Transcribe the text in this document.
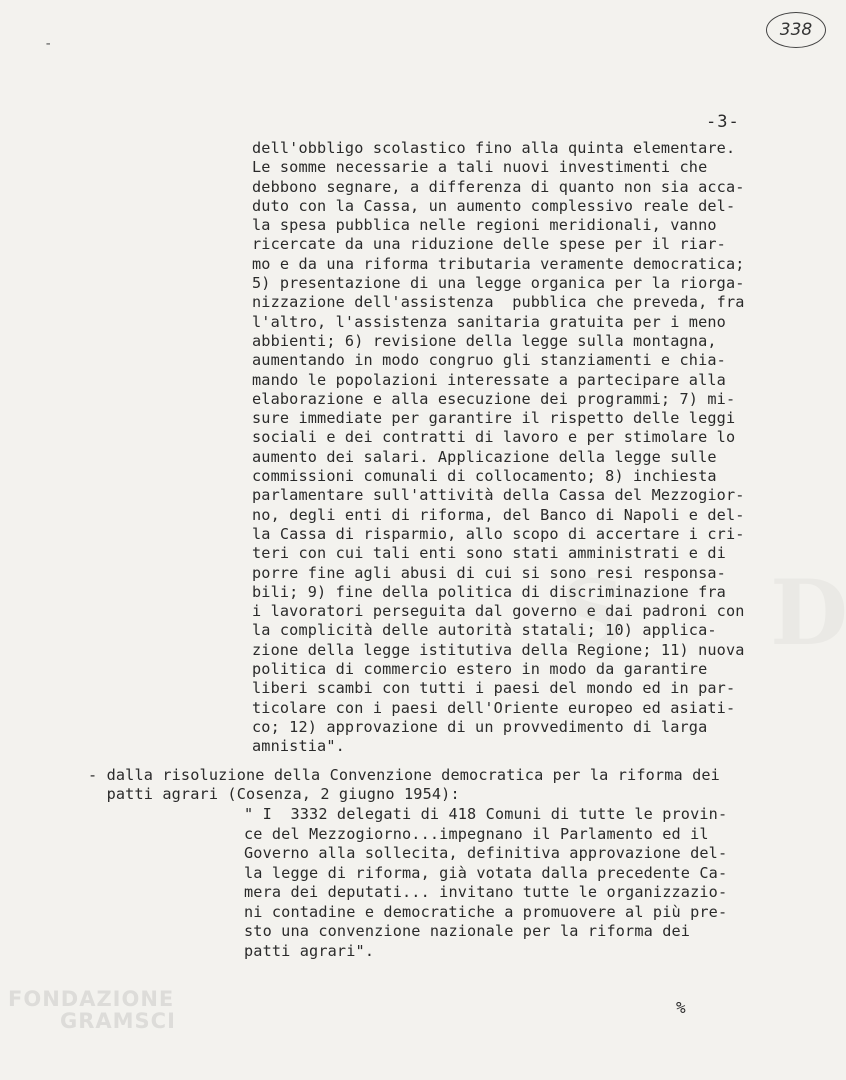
-
338
-3-
dell'obbligo scolastico fino alla quinta elementare.
Le somme necessarie a tali nuovi investimenti che
debbono segnare, a differenza di quanto non sia acca-
duto con la Cassa, un aumento complessivo reale del-
la spesa pubblica nelle regioni meridionali, vanno
ricercate da una riduzione delle spese per il riar-
mo e da una riforma tributaria veramente democratica;
5) presentazione di una legge organica per la riorga-
nizzazione dell'assistenza  pubblica che preveda, fra
l'altro, l'assistenza sanitaria gratuita per i meno
abbienti; 6) revisione della legge sulla montagna,
aumentando in modo congruo gli stanziamenti e chia-
mando le popolazioni interessate a partecipare alla
elaborazione e alla esecuzione dei programmi; 7) mi-
sure immediate per garantire il rispetto delle leggi
sociali e dei contratti di lavoro e per stimolare lo
aumento dei salari. Applicazione della legge sulle
commissioni comunali di collocamento; 8) inchiesta
parlamentare sull'attività della Cassa del Mezzogior-
no, degli enti di riforma, del Banco di Napoli e del-
la Cassa di risparmio, allo scopo di accertare i cri-
teri con cui tali enti sono stati amministrati e di
porre fine agli abusi di cui si sono resi responsa-
bili; 9) fine della politica di discriminazione fra
i lavoratori perseguita dal governo e dai padroni con
la complicità delle autorità statali; 10) applica-
zione della legge istitutiva della Regione; 11) nuova
politica di commercio estero in modo da garantire
liberi scambi con tutti i paesi del mondo ed in par-
ticolare con i paesi dell'Oriente europeo ed asiati-
co; 12) approvazione di un provvedimento di larga
amnistia".
- dalla risoluzione della Convenzione democratica per la riforma dei
patti agrari (Cosenza, 2 giugno 1954):
" I  3332 delegati di 418 Comuni di tutte le provin-
ce del Mezzogiorno...impegnano il Parlamento ed il
Governo alla sollecita, definitiva approvazione del-
la legge di riforma, già votata dalla precedente Ca-
mera dei deputati... invitano tutte le organizzazio-
ni contadine e democratiche a promuovere al più pre-
sto una convenzione nazionale per la riforma dei
patti agrari".
%
FONDAZIONE
GRAMSCI
